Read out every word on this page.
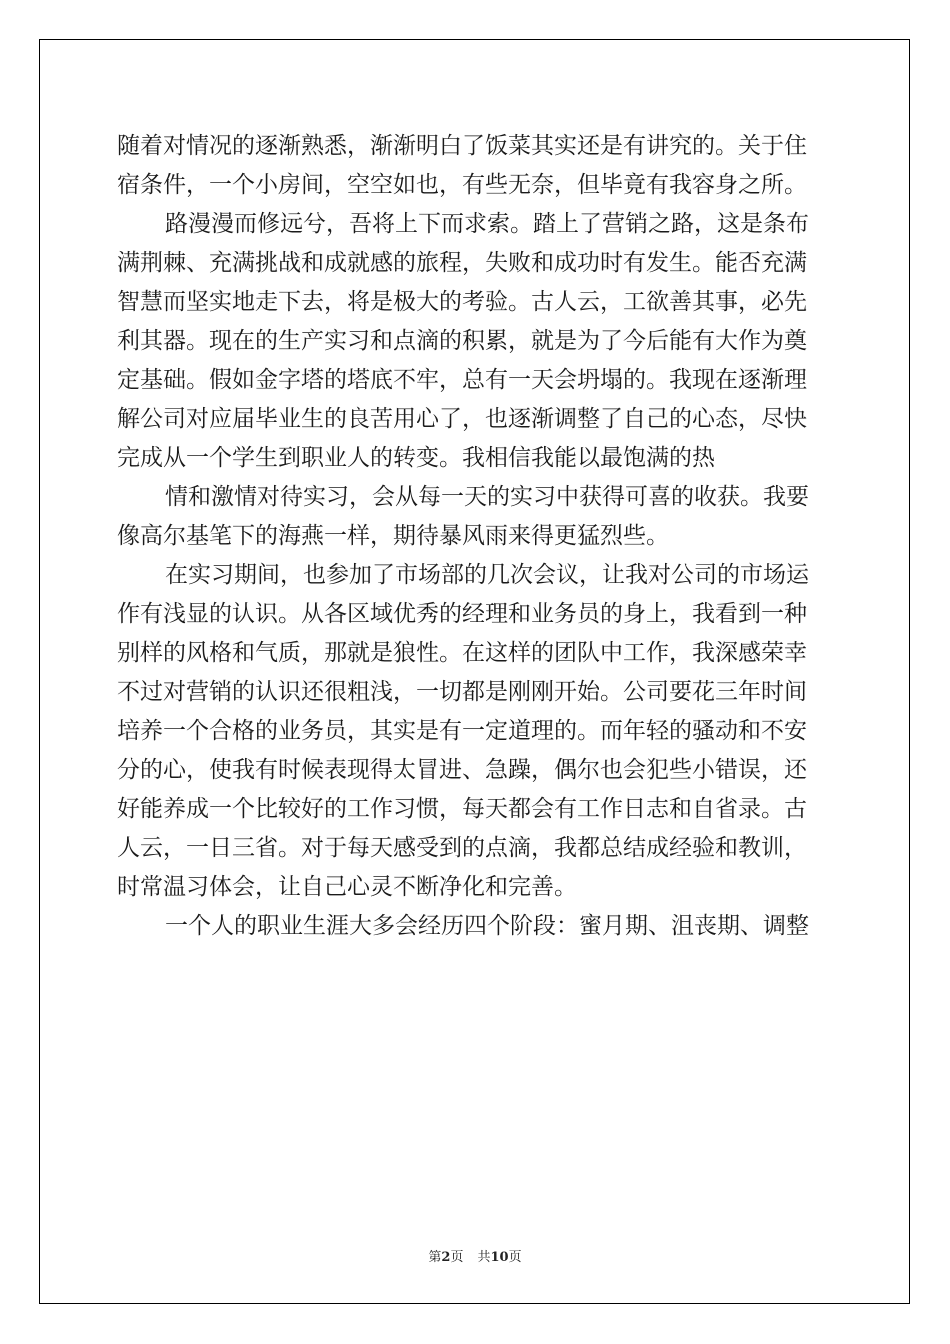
随着对情况的逐渐熟悉，渐渐明白了饭菜其实还是有讲究的。关于住
宿条件，一个小房间，空空如也，有些无奈，但毕竟有我容身之所。
路漫漫而修远兮，吾将上下而求索。踏上了营销之路，这是条布
满荆棘、充满挑战和成就感的旅程，失败和成功时有发生。能否充满
智慧而坚实地走下去，将是极大的考验。古人云，工欲善其事，必先
利其器。现在的生产实习和点滴的积累，就是为了今后能有大作为奠
定基础。假如金字塔的塔底不牢，总有一天会坍塌的。我现在逐渐理
解公司对应届毕业生的良苦用心了，也逐渐调整了自己的心态，尽快
完成从一个学生到职业人的转变。我相信我能以最饱满的热
情和激情对待实习，会从每一天的实习中获得可喜的收获。我要
像高尔基笔下的海燕一样，期待暴风雨来得更猛烈些。
在实习期间，也参加了市场部的几次会议，让我对公司的市场运
作有浅显的认识。从各区域优秀的经理和业务员的身上，我看到一种
别样的风格和气质，那就是狼性。在这样的团队中工作，我深感荣幸
不过对营销的认识还很粗浅，一切都是刚刚开始。公司要花三年时间
培养一个合格的业务员，其实是有一定道理的。而年轻的骚动和不安
分的心，使我有时候表现得太冒进、急躁，偶尔也会犯些小错误，还
好能养成一个比较好的工作习惯，每天都会有工作日志和自省录。古
人云，一日三省。对于每天感受到的点滴，我都总结成经验和教训，
时常温习体会，让自己心灵不断净化和完善。
一个人的职业生涯大多会经历四个阶段：蜜月期、沮丧期、调整
第2页 共10页
